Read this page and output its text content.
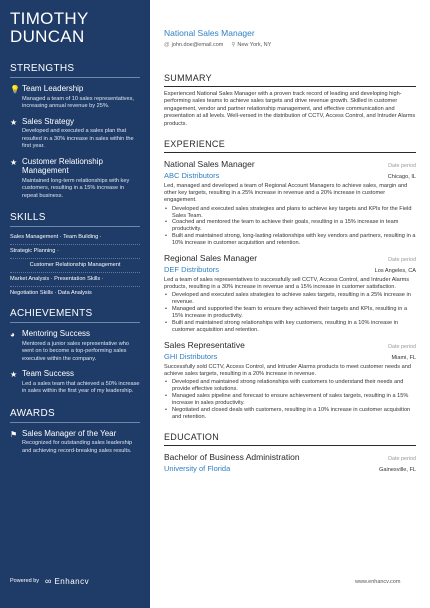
TIMOTHY
DUNCAN
STRENGTHS
💡 Team Leadership
Managed a team of 10 sales representatives, increasing annual revenue by 25%.
★ Sales Strategy
Developed and executed a sales plan that resulted in a 30% increase in sales within the first year.
★ Customer Relationship Management
Maintained long-term relationships with key customers, resulting in a 15% increase in repeat business.
SKILLS
Sales Management · Team Building ·
Strategic Planning ·
Customer Relationship Management
Market Analysis · Presentation Skills ·
Negotiation Skills · Data Analysis
ACHIEVEMENTS
◕ Mentoring Success
Mentored a junior sales representative who went on to become a top-performing sales executive within the company.
★ Team Success
Led a sales team that achieved a 50% increase in sales within the first year of my leadership.
AWARDS
⚑ Sales Manager of the Year
Recognized for outstanding sales leadership and achieving record-breaking sales results.
Powered by ∞ Enhancv
National Sales Manager
@ john.doe@email.com ⚲ New York, NY
SUMMARY
Experienced National Sales Manager with a proven track record of leading and developing high-performing sales teams to achieve sales targets and drive revenue growth. Skilled in customer engagement, vendor and partner relationship management, and effective communication and presentation at all levels. Well-versed in the distribution of CCTV, Access Control, and Intruder Alarms products.
EXPERIENCE
National Sales Manager	Date period
ABC Distributors	Chicago, IL
Led, managed and developed a team of Regional Account Managers to achieve sales, margin and other key targets, resulting in a 25% increase in revenue and a 20% increase in customer engagement.
• Developed and executed sales strategies and plans to achieve key targets and KPIs for the Field Sales Team.
• Coached and mentored the team to achieve their goals, resulting in a 15% increase in team productivity.
• Built and maintained strong, long-lasting relationships with key vendors and partners, resulting in a 10% increase in customer acquisition and retention.
Regional Sales Manager	Date period
DEF Distributors	Los Angeles, CA
Led a team of sales representatives to successfully sell CCTV, Access Control, and Intruder Alarms products, resulting in a 30% increase in revenue and a 15% increase in customer satisfaction.
• Developed and executed sales strategies to achieve sales targets, resulting in a 25% increase in revenue.
• Managed and supported the team to ensure they achieved their targets and KPIs, resulting in a 15% increase in productivity.
• Built and maintained strong relationships with key customers, resulting in a 10% increase in customer acquisition and retention.
Sales Representative	Date period
GHI Distributors	Miami, FL
Successfully sold CCTV, Access Control, and Intruder Alarms products to meet customer needs and achieve sales targets, resulting in a 20% increase in revenue.
• Developed and maintained strong relationships with customers to understand their needs and provide effective solutions.
• Managed sales pipeline and forecast to ensure achievement of sales targets, resulting in a 15% increase in sales productivity.
• Negotiated and closed deals with customers, resulting in a 10% increase in customer acquisition and retention.
EDUCATION
Bachelor of Business Administration	Date period
University of Florida	Gainesville, FL
www.enhancv.com
